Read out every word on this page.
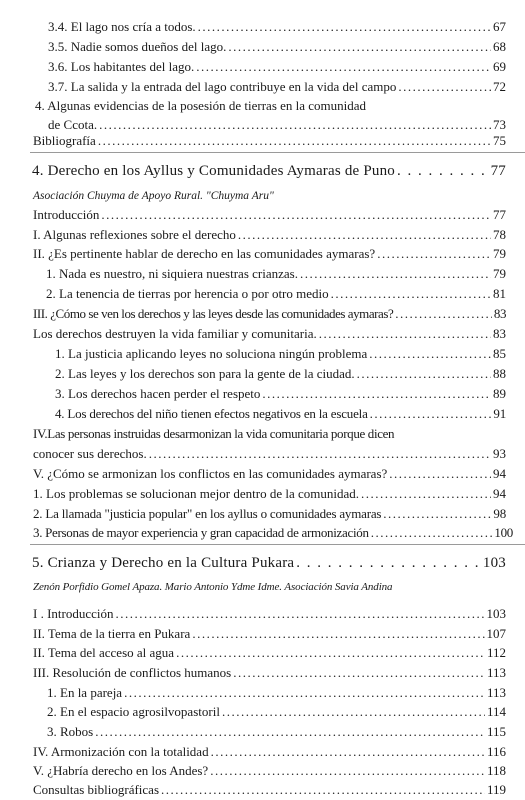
3.4. El lago nos cría a todos. .....	67
3.5. Nadie somos dueños del lago. .....	68
3.6. Los habitantes del lago. .....	69
3.7. La salida y la entrada del lago contribuye en la vida del campo .....	72
4. Algunas evidencias de la posesión de tierras en la comunidad
de Ccota. .....	73
Bibliografía .....	75
4. Derecho en los Ayllus y Comunidades Aymaras de Puno . . .	77
Asociación Chuyma de Apoyo Rural. "Chuyma Aru"
Introducción .....	77
I. Algunas reflexiones sobre el derecho .....	78
II. ¿Es pertinente hablar de derecho en las comunidades aymaras? .....	79
1. Nada es nuestro, ni siquiera nuestras crianzas. .....	79
2. La tenencia de tierras por herencia o por otro medio .....	81
III. ¿Cómo se ven los derechos y las leyes desde las comunidades aymaras? .....	83
Los derechos destruyen la vida familiar y comunitaria. .....	83
1. La justicia aplicando leyes no soluciona ningún problema .....	85
2. Las leyes y los derechos son para la gente de la ciudad. .....	88
3. Los derechos hacen perder el respeto .....	89
4. Los derechos del niño tienen efectos negativos en la escuela .....	91
IV.Las personas instruidas desarmonizan la vida comunitaria porque dicen
conocer sus derechos. .....	93
V. ¿Cómo se armonizan los conflictos en las comunidades aymaras? .....	94
1. Los problemas se solucionan mejor dentro de la comunidad. .....	94
2. La llamada "justicia popular" en los ayllus o comunidades aymaras .....	98
3. Personas de mayor experiencia y gran capacidad de armonización .....	100
5. Crianza y Derecho en la Cultura Pukara . . .	103
Zenón Porfidio Gomel Apaza. Mario Antonio Ydme Idme. Asociación Savia Andina
I . Introducción .....	103
II. Tema de la tierra en Pukara .....	107
II. Tema del acceso al agua .....	112
III. Resolución de conflictos humanos .....	113
1. En la pareja .....	113
2. En el espacio agrosilvopastoril .....	114
3. Robos .....	115
IV. Armonización con la totalidad .....	116
V. ¿Habría derecho en los Andes? .....	118
Consultas bibliográficas .....	119
